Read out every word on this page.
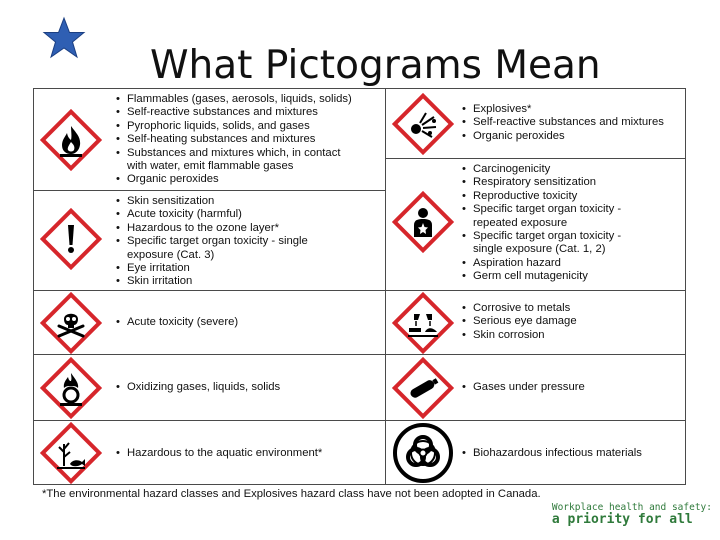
What Pictograms Mean
• Flammables (gases, aerosols, liquids, solids)
• Self-reactive substances and mixtures
• Pyrophoric liquids, solids, and gases
• Self-heating substances and mixtures
• Substances and mixtures which, in contact
with water, emit flammable gases
• Organic peroxides
• Explosives*
• Self-reactive substances and mixtures
• Organic peroxides
• Skin sensitization
• Acute toxicity (harmful)
• Hazardous to the ozone layer*
• Specific target organ toxicity - single
exposure (Cat. 3)
• Eye irritation
• Skin irritation
• Carcinogenicity
• Respiratory sensitization
• Reproductive toxicity
• Specific target organ toxicity -
repeated exposure
• Specific target organ toxicity -
single exposure (Cat. 1, 2)
• Aspiration hazard
• Germ cell mutagenicity
• Acute toxicity (severe)
• Corrosive to metals
• Serious eye damage
• Skin corrosion
• Oxidizing gases, liquids, solids	• Gases under pressure
• Hazardous to the aquatic environment*	• Biohazardous infectious materials
*The environmental hazard classes and Explosives hazard class have not been adopted in Canada.
Workplace health and safety:
a priority for all
